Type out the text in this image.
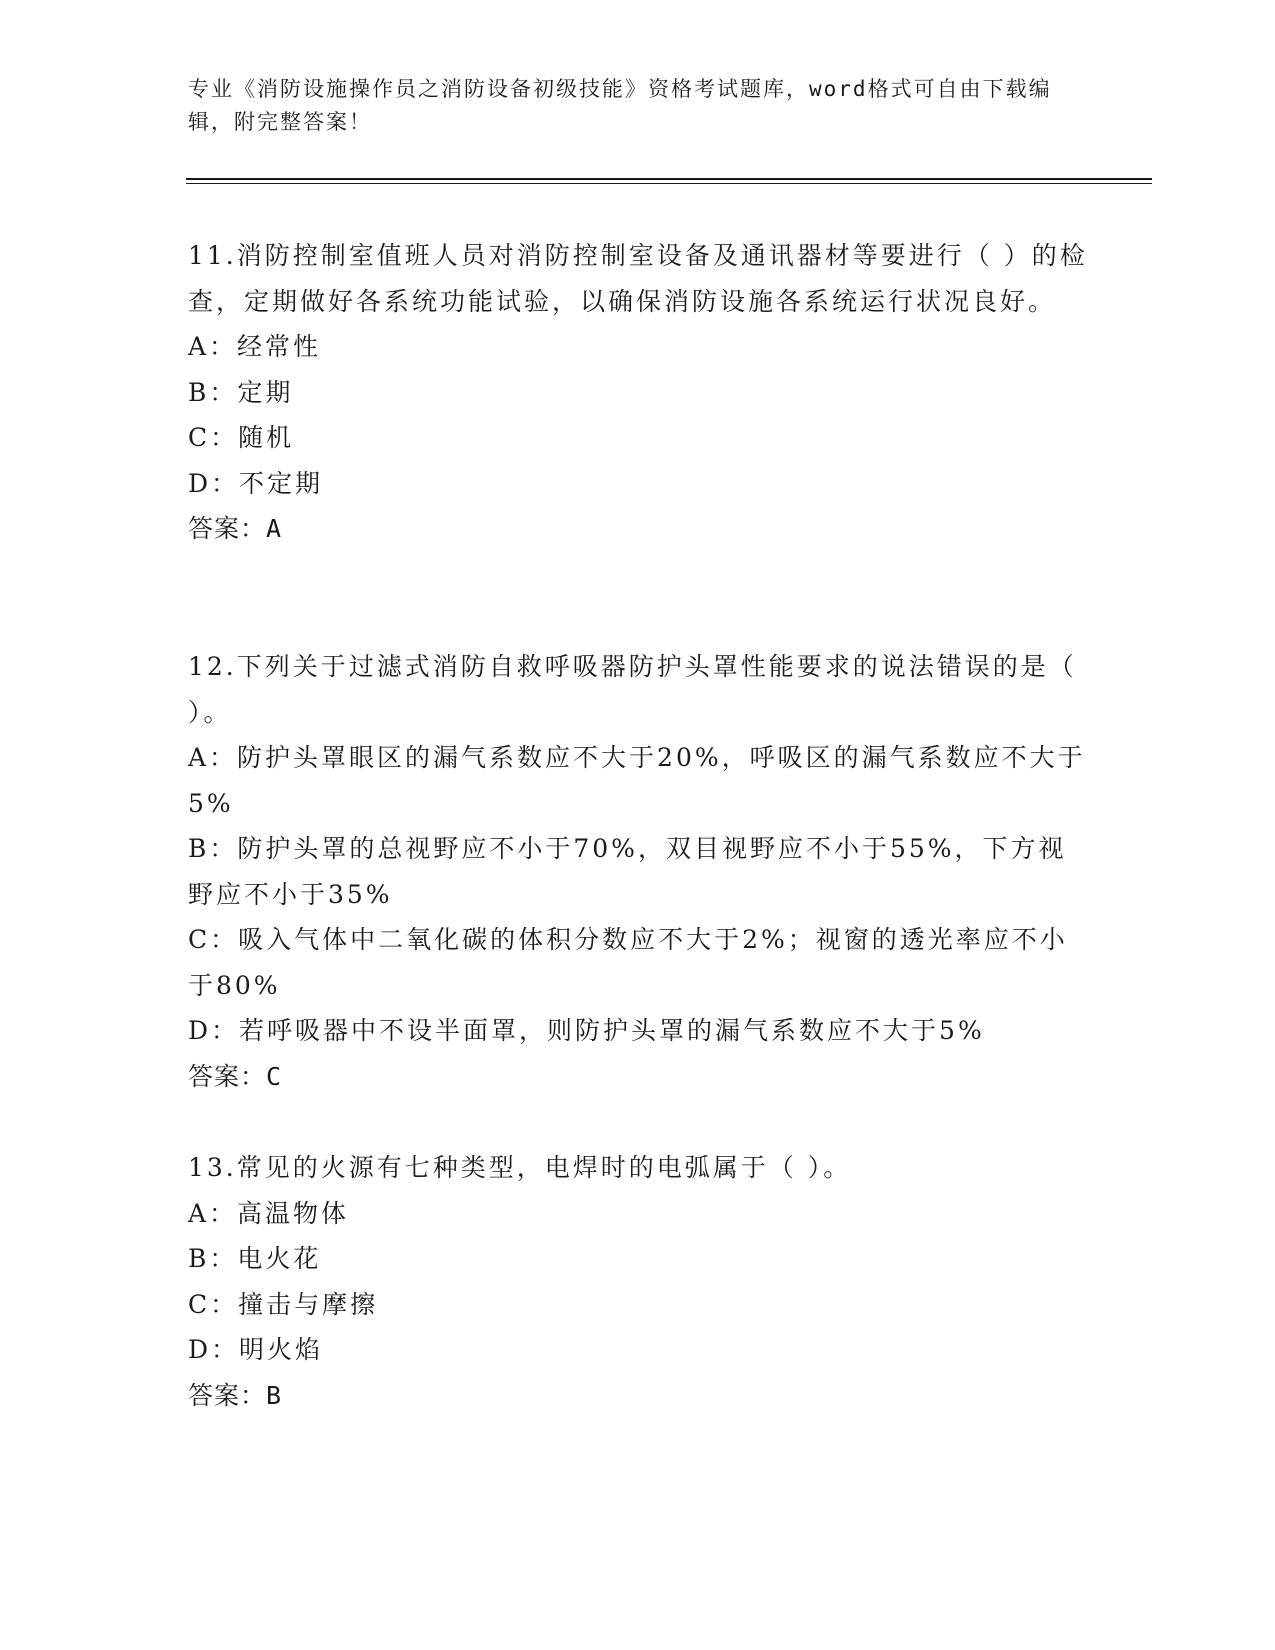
专业《消防设施操作员之消防设备初级技能》资格考试题库，word格式可自由下载编辑，附完整答案！

11.消防控制室值班人员对消防控制室设备及通讯器材等要进行（ ）的检查，定期做好各系统功能试验，以确保消防设施各系统运行状况良好。

A：经常性

B：定期

C：随机

D：不定期

答案：A

12.下列关于过滤式消防自救呼吸器防护头罩性能要求的说法错误的是（ ）。

A：防护头罩眼区的漏气系数应不大于20%，呼吸区的漏气系数应不大于5%

B：防护头罩的总视野应不小于70%，双目视野应不小于55%，下方视野应不小于35%

C：吸入气体中二氧化碳的体积分数应不大于2%；视窗的透光率应不小于80%

D：若呼吸器中不设半面罩，则防护头罩的漏气系数应不大于5%

答案：C

13.常见的火源有七种类型，电焊时的电弧属于（ ）。

A：高温物体

B：电火花

C：撞击与摩擦

D：明火焰

答案：B
